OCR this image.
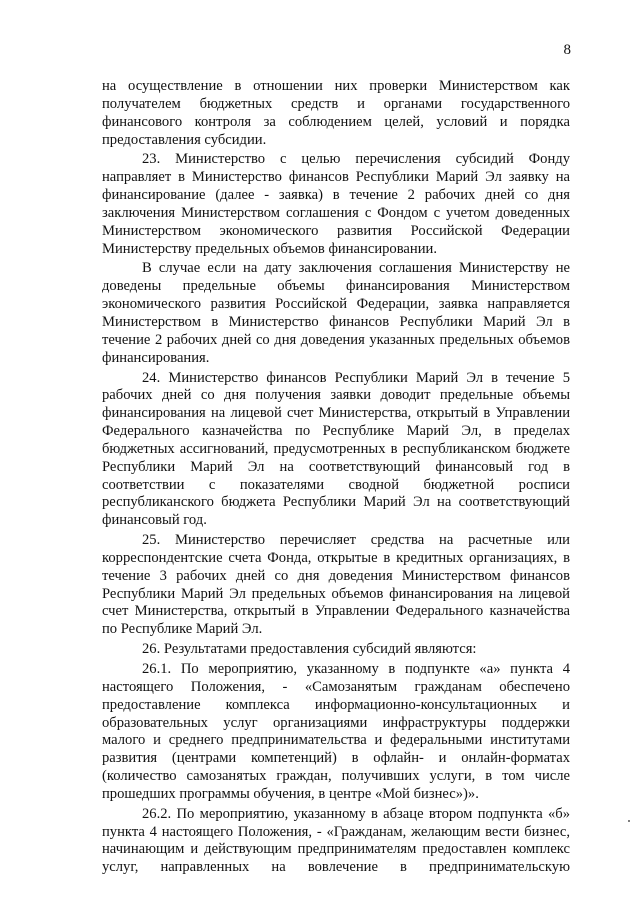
8

на осуществление в отношении них проверки Министерством как получателем бюджетных средств и органами государственного финансового контроля за соблюдением целей, условий и порядка предоставления субсидии.

23. Министерство с целью перечисления субсидий Фонду направляет в Министерство финансов Республики Марий Эл заявку на финансирование (далее - заявка) в течение 2 рабочих дней со дня заключения Министерством соглашения с Фондом с учетом доведенных Министерством экономического развития Российской Федерации Министерству предельных объемов финансировании.

В случае если на дату заключения соглашения Министерству не доведены предельные объемы финансирования Министерством экономического развития Российской Федерации, заявка направляется Министерством в Министерство финансов Республики Марий Эл в течение 2 рабочих дней со дня доведения указанных предельных объемов финансирования.

24. Министерство финансов Республики Марий Эл в течение 5 рабочих дней со дня получения заявки доводит предельные объемы финансирования на лицевой счет Министерства, открытый в Управлении Федерального казначейства по Республике Марий Эл, в пределах бюджетных ассигнований, предусмотренных в республиканском бюджете Республики Марий Эл на соответствующий финансовый год в соответствии с показателями сводной бюджетной росписи республиканского бюджета Республики Марий Эл на соответствующий финансовый год.

25. Министерство перечисляет средства на расчетные или корреспондентские счета Фонда, открытые в кредитных организациях, в течение 3 рабочих дней со дня доведения Министерством финансов Республики Марий Эл предельных объемов финансирования на лицевой счет Министерства, открытый в Управлении Федерального казначейства по Республике Марий Эл.

26. Результатами предоставления субсидий являются:

26.1. По мероприятию, указанному в подпункте «а» пункта 4 настоящего Положения, - «Самозанятым гражданам обеспечено предоставление комплекса информационно-консультационных и образовательных услуг организациями инфраструктуры поддержки малого и среднего предпринимательства и федеральными институтами развития (центрами компетенций) в офлайн- и онлайн-форматах (количество самозанятых граждан, получивших услуги, в том числе прошедших программы обучения, в центре «Мой бизнес»)».

26.2. По мероприятию, указанному в абзаце втором подпункта «б» пункта 4 настоящего Положения, - «Гражданам, желающим вести бизнес, начинающим и действующим предпринимателям предоставлен комплекс услуг, направленных на вовлечение в предпринимательскую
